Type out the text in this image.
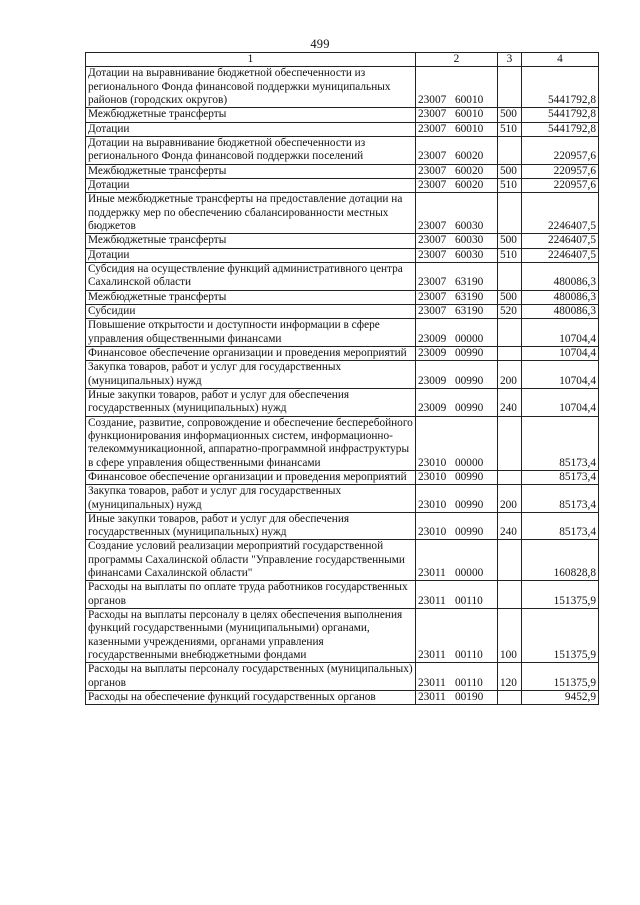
499
1	2	3	4
Дотации на выравнивание бюджетной обеспеченности из регионального Фонда финансовой поддержки муниципальных районов (городских округов)	23007 60010		5441792,8
Межбюджетные трансферты	23007 60010	500	5441792,8
Дотации	23007 60010	510	5441792,8
Дотации на выравнивание бюджетной обеспеченности из регионального Фонда финансовой поддержки поселений	23007 60020		220957,6
Межбюджетные трансферты	23007 60020	500	220957,6
Дотации	23007 60020	510	220957,6
Иные межбюджетные трансферты на предоставление дотации на поддержку мер по обеспечению сбалансированности местных бюджетов	23007 60030		2246407,5
Межбюджетные трансферты	23007 60030	500	2246407,5
Дотации	23007 60030	510	2246407,5
Субсидия на осуществление функций административного центра Сахалинской области	23007 63190		480086,3
Межбюджетные трансферты	23007 63190	500	480086,3
Субсидии	23007 63190	520	480086,3
Повышение открытости и доступности информации в сфере управления общественными финансами	23009 00000		10704,4
Финансовое обеспечение организации и проведения мероприятий	23009 00990		10704,4
Закупка товаров, работ и услуг для государственных (муниципальных) нужд	23009 00990	200	10704,4
Иные закупки товаров, работ и услуг для обеспечения государственных (муниципальных) нужд	23009 00990	240	10704,4
Создание, развитие, сопровождение и обеспечение бесперебойного функционирования информационных систем, информационно-телекоммуникационной, аппаратно-программной инфраструктуры в сфере управления общественными финансами	23010 00000		85173,4
Финансовое обеспечение организации и проведения мероприятий	23010 00990		85173,4
Закупка товаров, работ и услуг для государственных (муниципальных) нужд	23010 00990	200	85173,4
Иные закупки товаров, работ и услуг для обеспечения государственных (муниципальных) нужд	23010 00990	240	85173,4
Создание условий реализации мероприятий государственной программы Сахалинской области "Управление государственными финансами Сахалинской области"	23011 00000		160828,8
Расходы на выплаты по оплате труда работников государственных органов	23011 00110		151375,9
Расходы на выплаты персоналу в целях обеспечения выполнения функций государственными (муниципальными) органами, казенными учреждениями, органами управления государственными внебюджетными фондами	23011 00110	100	151375,9
Расходы на выплаты персоналу государственных (муниципальных) органов	23011 00110	120	151375,9
Расходы на обеспечение функций государственных органов	23011 00190		9452,9
